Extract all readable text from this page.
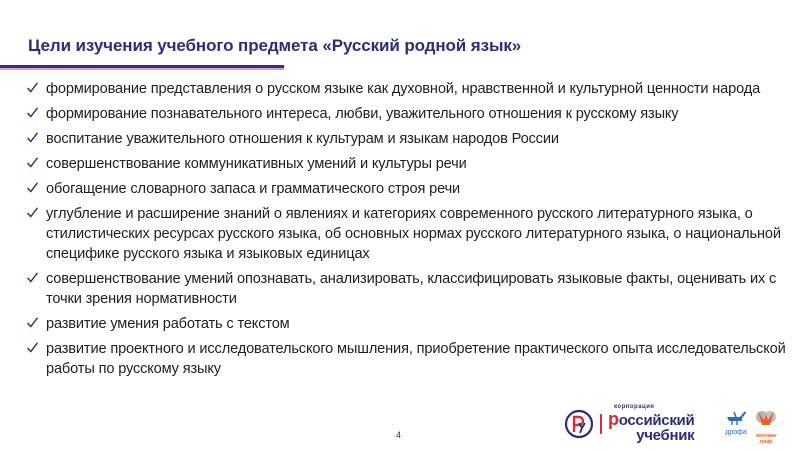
Цели изучения учебного предмета «Русский родной язык»
формирование представления о русском языке как духовной, нравственной и культурной ценности народа
формирование познавательного интереса, любви, уважительного отношения к русскому языку
воспитание уважительного отношения к культурам и языкам народов России
совершенствование коммуникативных умений и культуры речи
обогащение словарного запаса и грамматического строя речи
углубление и расширение знаний о явлениях и категориях современного русского литературного языка, о стилистических ресурсах русского языка, об основных нормах русского литературного языка, о национальной специфике русского языка и языковых единицах
совершенствование умений опознавать, анализировать, классифицировать языковые факты, оценивать их с точки зрения нормативности
развитие умения работать с текстом
развитие проектного и исследовательского мышления, приобретение практического опыта исследовательской работы по русскому языку
4
корпорация
российский
учебник	дрофа	вентана
граф
